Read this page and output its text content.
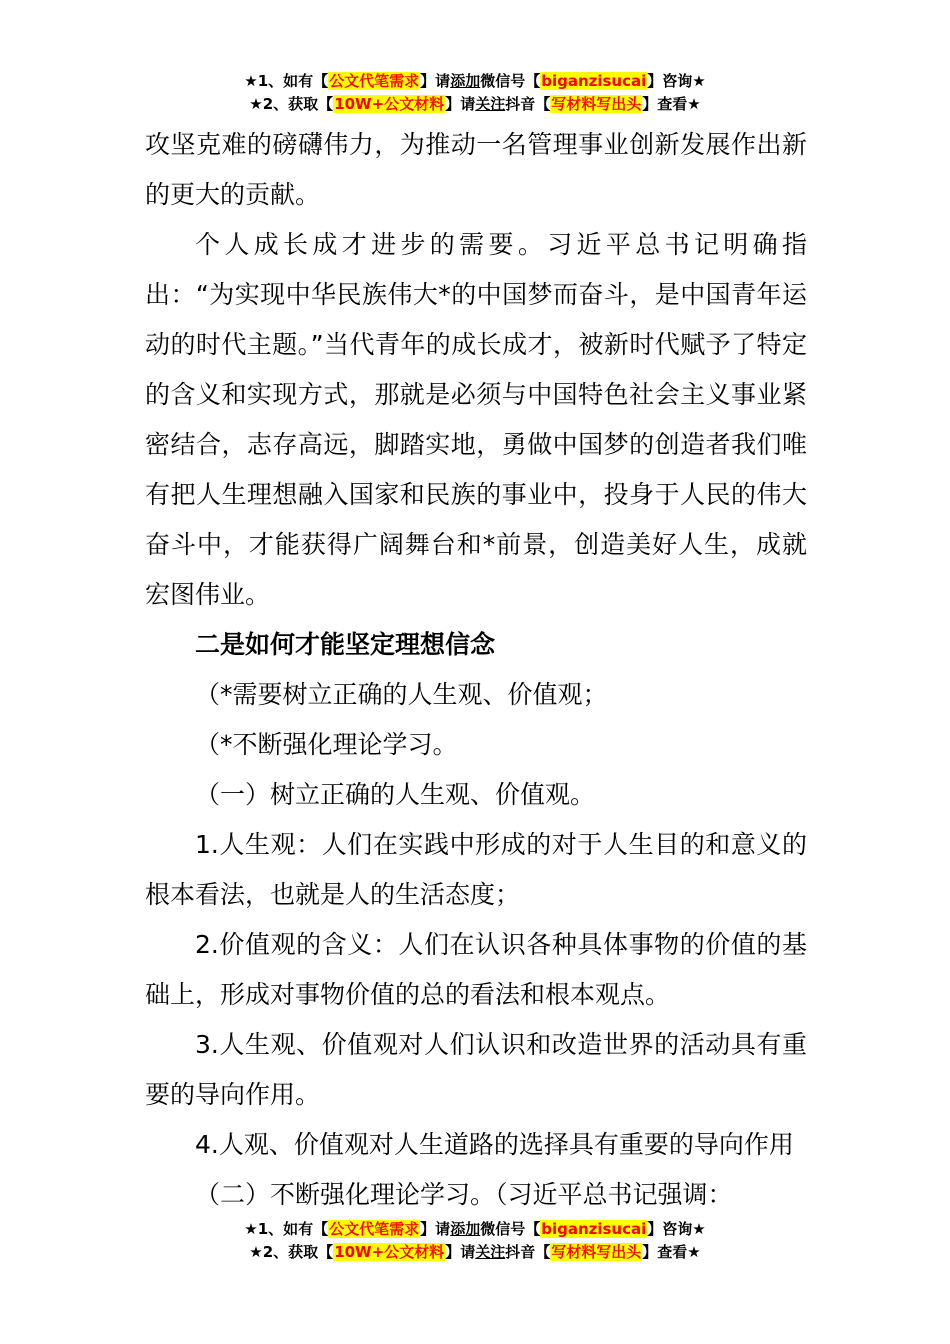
★1、如有【公文代笔需求】请添加微信号【biganzisucai】咨询★
★2、获取【10W+公文材料】请关注抖音【写材料写出头】查看★

攻坚克难的磅礴伟力，为推动一名管理事业创新发展作出新的更大的贡献。

个人成长成才进步的需要。习近平总书记明确指出：“为实现中华民族伟大*的中国梦而奋斗，是中国青年运动的时代主题。”当代青年的成长成才，被新时代赋予了特定的含义和实现方式，那就是必须与中国特色社会主义事业紧密结合，志存高远，脚踏实地，勇做中国梦的创造者我们唯有把人生理想融入国家和民族的事业中，投身于人民的伟大奋斗中，才能获得广阔舞台和*前景，创造美好人生，成就宏图伟业。

二是如何才能坚定理想信念

（*需要树立正确的人生观、价值观；

（*不断强化理论学习。

（一）树立正确的人生观、价值观。

1.人生观：人们在实践中形成的对于人生目的和意义的根本看法，也就是人的生活态度；

2.价值观的含义：人们在认识各种具体事物的价值的基础上，形成对事物价值的总的看法和根本观点。

3.人生观、价值观对人们认识和改造世界的活动具有重要的导向作用。

4.人观、价值观对人生道路的选择具有重要的导向作用

（二）不断强化理论学习。（习近平总书记强调：

★1、如有【公文代笔需求】请添加微信号【biganzisucai】咨询★
★2、获取【10W+公文材料】请关注抖音【写材料写出头】查看★
